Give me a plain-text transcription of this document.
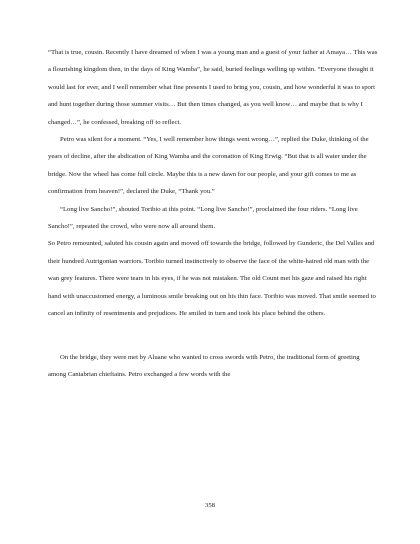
“That is true, cousin. Recently I have dreamed of when I was a young man and a guest of your father at Amaya… This was a flourishing kingdom then, in the days of King Wamba”, he said, buried feelings welling up within. “Everyone thought it would last for ever, and I well remember what fine presents I used to bring you, cousin, and how wonderful it was to sport and hunt together during those summer visits… But then times changed, as you well know… and maybe that is why I changed…”, he confessed, breaking off to reflect.

Petro was silent for a moment. “Yes, I well remember how things went wrong…”, replied the Duke, thinking of the years of decline, after the abdication of King Wamba and the coronation of King Erwig. “But that is all water under the bridge. Now the wheel has come full circle. Maybe this is a new dawn for our people, and your gift comes to me as confirmation from heaven!”, declared the Duke, “Thank you.”

“Long live Sancho!”, shouted Toribio at this point. “Long live Sancho!”, proclaimed the four riders. “Long live Sancho!”, repeated the crowd, who were now all around them.

So Petro remounted, saluted his cousin again and moved off towards the bridge, followed by Gunderic, the Del Valles and their hundred Autrigonian warriors. Toribio turned instinctively to observe the face of the white-haired old man with the wan grey features. There were tears in his eyes, if he was not mistaken. The old Count met his gaze and raised his right hand with unaccustomed energy, a luminous smile breaking out on his thin face. Toribio was moved. That smile seemed to cancel an infinity of resentments and prejudices. He smiled in turn and took his place behind the others.

On the bridge, they were met by Aluane who wanted to cross swords with Petro, the traditional form of greeting among Cantabrian chieftains. Petro exchanged a few words with the

358
